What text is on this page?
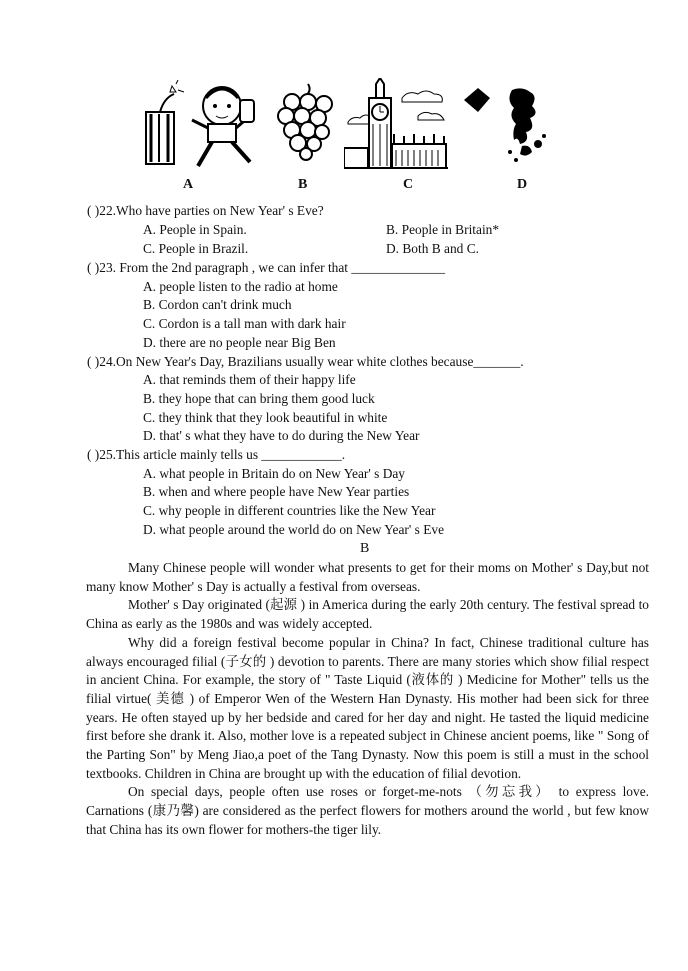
A	B	C	D
( )22.Who have parties on New Year' s Eve?
A. People in Spain.	B. People in Britain*
C. People in Brazil.	D. Both B and C.
( )23. From the 2nd paragraph , we can infer that ______________
A. people listen to the radio at home
B. Cordon can't drink much
C. Cordon is a tall man with dark hair
D. there are no people near Big Ben
( )24.On New Year's Day, Brazilians usually wear white clothes because_______.
A. that reminds them of their happy life
B. they hope that can bring them good luck
C. they think that they look beautiful in white
D. that' s what they have to do during the New Year
( )25.This article mainly tells us ____________.
A. what people in Britain do on New Year' s Day
B. when and where people have New Year parties
C. why people in different countries like the New Year
D. what people around the world do on New Year' s Eve
B

Many Chinese people will wonder what presents to get for their moms on Mother' s Day,but not many know Mother' s Day is actually a festival from overseas.

Mother' s Day originated (起源 ) in America during the early 20th century. The festival spread to China as early as the 1980s and was widely accepted.

Why did a foreign festival become popular in China? In fact, Chinese traditional culture has always encouraged filial (子女的 ) devotion to parents. There are many stories which show filial respect in ancient China. For example, the story of " Taste Liquid (液体的 ) Medicine for Mother" tells us the filial virtue( 美德 ) of Emperor Wen of the Western Han Dynasty. His mother had been sick for three years. He often stayed up by her bedside and cared for her day and night. He tasted the liquid medicine first before she drank it. Also, mother love is a repeated subject in Chinese ancient poems, like " Song of the Parting Son" by Meng Jiao,a poet of the Tang Dynasty. Now this poem is still a must in the school textbooks. Children in China are brought up with the education of filial devotion.

On special days, people often use roses or forget-me-nots （勿忘我） to express love. Carnations (康乃馨) are considered as the perfect flowers for mothers around the world , but few know that China has its own flower for mothers-the tiger lily.
